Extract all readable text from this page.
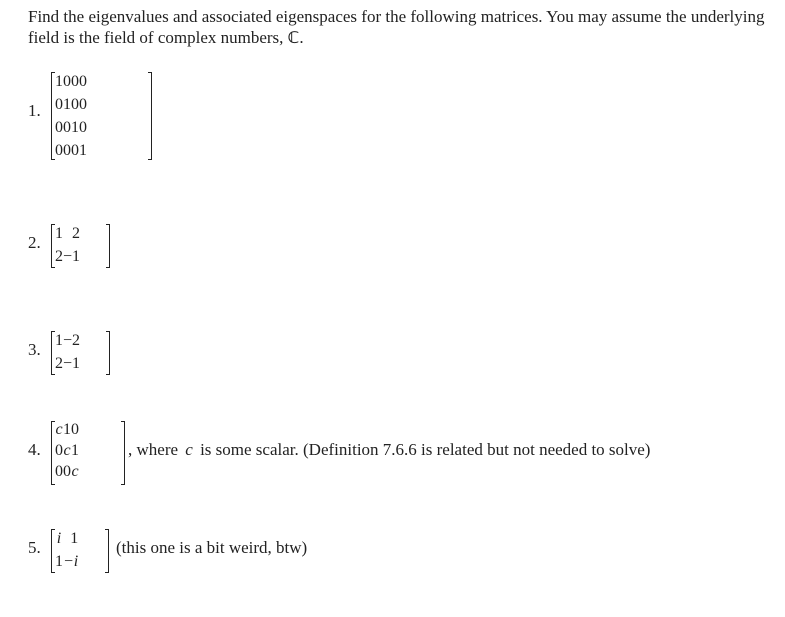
Find the eigenvalues and associated eigenspaces for the following matrices. You may assume the underlying field is the field of complex numbers, ℂ.
1.
1	0	0	0
0	1	0	0
0	0	1	0
0	0	0	1
2. 1	2
2	−1
3. 1	−2
2	−1
4.
c	1	0
0	c	1
0	0	c
, where c is some scalar. (Definition 7.6.6 is related but not needed to solve)
5. i	1
1	−i
(this one is a bit weird, btw)
